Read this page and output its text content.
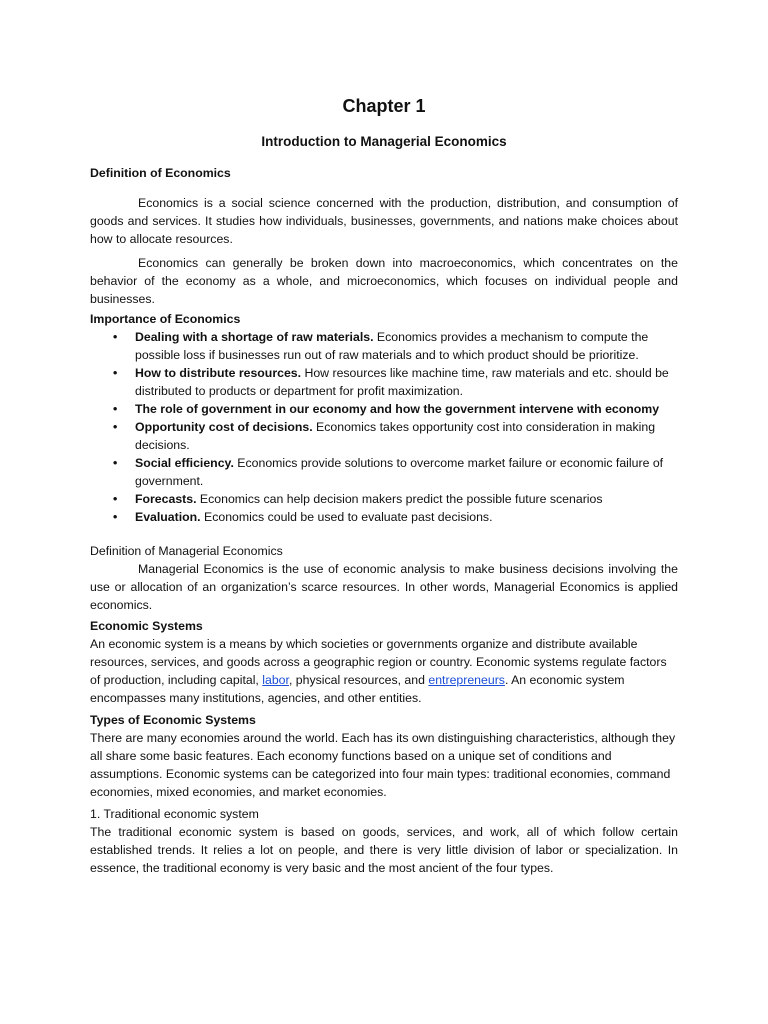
Chapter 1
Introduction to Managerial Economics

Definition of Economics

Economics is a social science concerned with the production, distribution, and consumption of goods and services. It studies how individuals, businesses, governments, and nations make choices about how to allocate resources.

Economics can generally be broken down into macroeconomics, which concentrates on the behavior of the economy as a whole, and microeconomics, which focuses on individual people and businesses.

Importance of Economics

•	Dealing with a shortage of raw materials. Economics provides a mechanism to compute the possible loss if businesses run out of raw materials and to which product should be prioritize.
•	How to distribute resources. How resources like machine time, raw materials and etc. should be distributed to products or department for profit maximization.
•	The role of government in our economy and how the government intervene with economy
•	Opportunity cost of decisions. Economics takes opportunity cost into consideration in making decisions.
•	Social efficiency. Economics provide solutions to overcome market failure or economic failure of government.
•	Forecasts. Economics can help decision makers predict the possible future scenarios
•	Evaluation. Economics could be used to evaluate past decisions.

Definition of Managerial Economics

Managerial Economics is the use of economic analysis to make business decisions involving the use or allocation of an organization’s scarce resources. In other words, Managerial Economics is applied economics.

Economic Systems

An economic system is a means by which societies or governments organize and distribute available resources, services, and goods across a geographic region or country. Economic systems regulate factors of production, including capital, labor, physical resources, and entrepreneurs. An economic system encompasses many institutions, agencies, and other entities.

Types of Economic Systems

There are many economies around the world. Each has its own distinguishing characteristics, although they all share some basic features. Each economy functions based on a unique set of conditions and assumptions. Economic systems can be categorized into four main types: traditional economies, command economies, mixed economies, and market economies.

1. Traditional economic system

The traditional economic system is based on goods, services, and work, all of which follow certain established trends. It relies a lot on people, and there is very little division of labor or specialization. In essence, the traditional economy is very basic and the most ancient of the four types.
